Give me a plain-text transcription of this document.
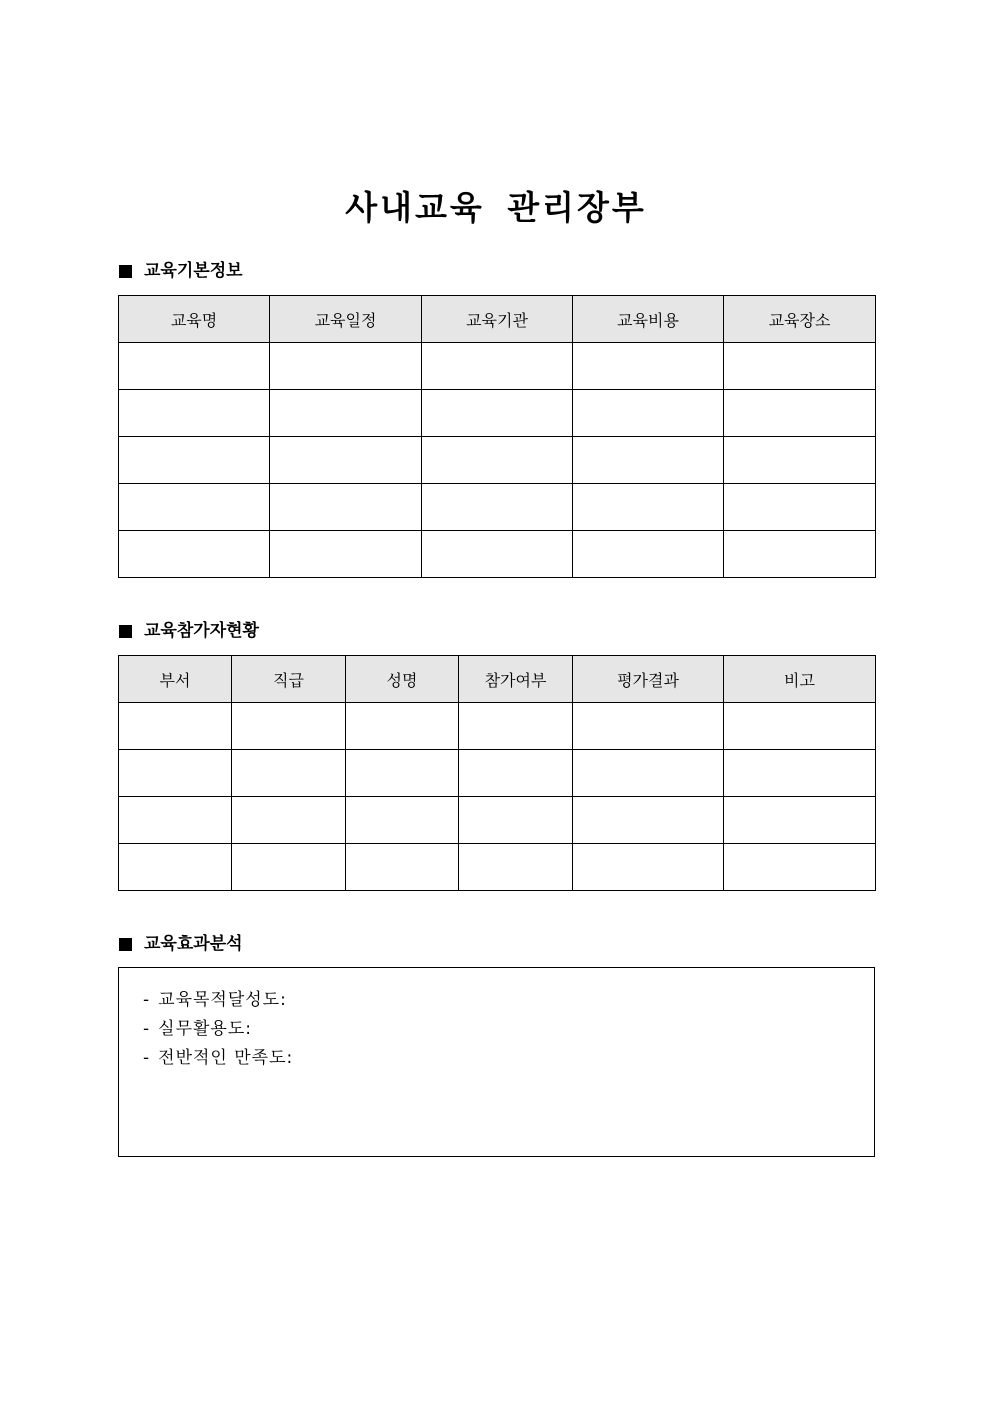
사내교육 관리장부
교육기본정보
교육명	교육일정	교육기관	교육비용	교육장소

교육참가자현황
부서	직급	성명	참가여부	평가결과	비고

교육효과분석
- 교육목적달성도:
- 실무활용도:
- 전반적인 만족도:
